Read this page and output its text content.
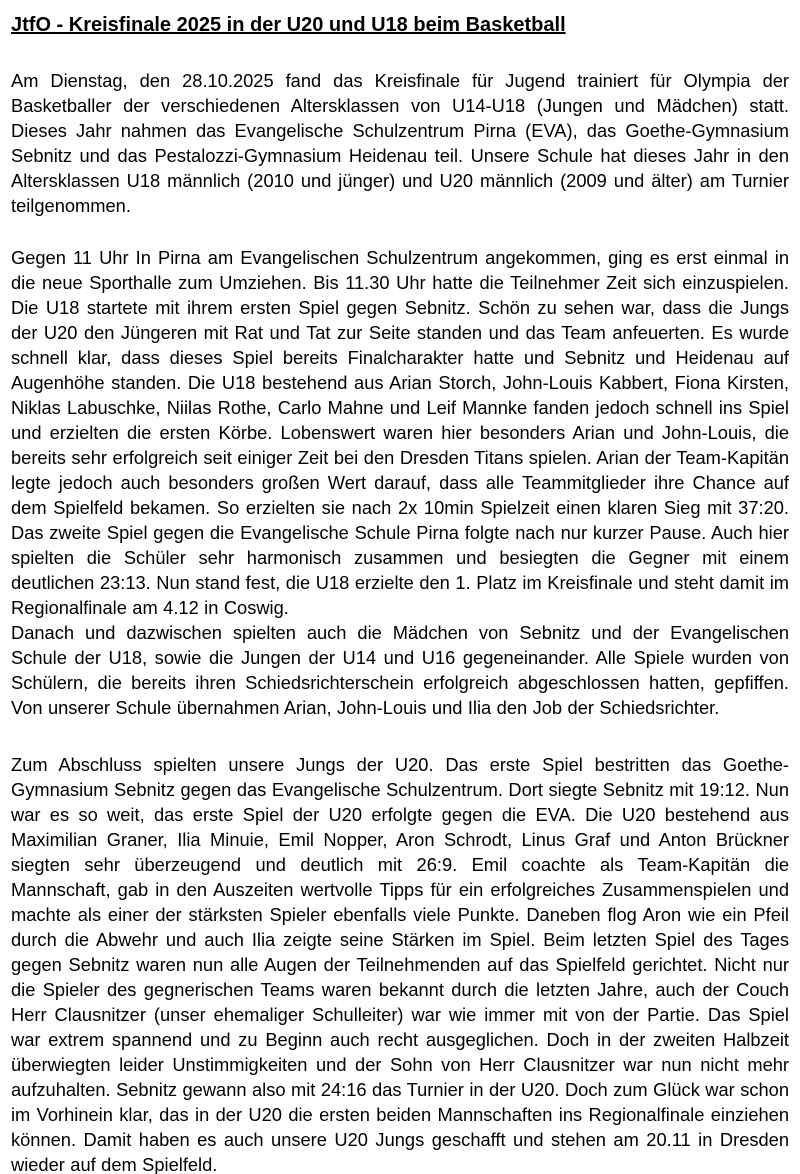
JtfO - Kreisfinale 2025 in der U20 und U18 beim Basketball

Am Dienstag, den 28.10.2025 fand das Kreisfinale für Jugend trainiert für Olympia der Basketballer der verschiedenen Altersklassen von U14-U18 (Jungen und Mädchen) statt. Dieses Jahr nahmen das Evangelische Schulzentrum Pirna (EVA), das Goethe-Gymnasium Sebnitz und das Pestalozzi-Gymnasium Heidenau teil. Unsere Schule hat dieses Jahr in den Altersklassen U18 männlich (2010 und jünger) und U20 männlich (2009 und älter) am Turnier teilgenommen.

Gegen 11 Uhr In Pirna am Evangelischen Schulzentrum angekommen, ging es erst einmal in die neue Sporthalle zum Umziehen. Bis 11.30 Uhr hatte die Teilnehmer Zeit sich einzuspielen. Die U18 startete mit ihrem ersten Spiel gegen Sebnitz. Schön zu sehen war, dass die Jungs der U20 den Jüngeren mit Rat und Tat zur Seite standen und das Team anfeuerten. Es wurde schnell klar, dass dieses Spiel bereits Finalcharakter hatte und Sebnitz und Heidenau auf Augenhöhe standen. Die U18 bestehend aus Arian Storch, John-Louis Kabbert, Fiona Kirsten, Niklas Labuschke, Niilas Rothe, Carlo Mahne und Leif Mannke fanden jedoch schnell ins Spiel und erzielten die ersten Körbe. Lobenswert waren hier besonders Arian und John-Louis, die bereits sehr erfolgreich seit einiger Zeit bei den Dresden Titans spielen. Arian der Team-Kapitän legte jedoch auch besonders großen Wert darauf, dass alle Teammitglieder ihre Chance auf dem Spielfeld bekamen. So erzielten sie nach 2x 10min Spielzeit einen klaren Sieg mit 37:20. Das zweite Spiel gegen die Evangelische Schule Pirna folgte nach nur kurzer Pause. Auch hier spielten die Schüler sehr harmonisch zusammen und besiegten die Gegner mit einem deutlichen 23:13. Nun stand fest, die U18 erzielte den 1. Platz im Kreisfinale und steht damit im Regionalfinale am 4.12 in Coswig.

Danach und dazwischen spielten auch die Mädchen von Sebnitz und der Evangelischen Schule der U18, sowie die Jungen der U14 und U16 gegeneinander. Alle Spiele wurden von Schülern, die bereits ihren Schiedsrichterschein erfolgreich abgeschlossen hatten, gepfiffen. Von unserer Schule übernahmen Arian, John-Louis und Ilia den Job der Schiedsrichter.

Zum Abschluss spielten unsere Jungs der U20. Das erste Spiel bestritten das Goethe-Gymnasium Sebnitz gegen das Evangelische Schulzentrum. Dort siegte Sebnitz mit 19:12. Nun war es so weit, das erste Spiel der U20 erfolgte gegen die EVA. Die U20 bestehend aus Maximilian Graner, Ilia Minuie, Emil Nopper, Aron Schrodt, Linus Graf und Anton Brückner siegten sehr überzeugend und deutlich mit 26:9. Emil coachte als Team-Kapitän die Mannschaft, gab in den Auszeiten wertvolle Tipps für ein erfolgreiches Zusammenspielen und machte als einer der stärksten Spieler ebenfalls viele Punkte. Daneben flog Aron wie ein Pfeil durch die Abwehr und auch Ilia zeigte seine Stärken im Spiel. Beim letzten Spiel des Tages gegen Sebnitz waren nun alle Augen der Teilnehmenden auf das Spielfeld gerichtet. Nicht nur die Spieler des gegnerischen Teams waren bekannt durch die letzten Jahre, auch der Couch Herr Clausnitzer (unser ehemaliger Schulleiter) war wie immer mit von der Partie. Das Spiel war extrem spannend und zu Beginn auch recht ausgeglichen. Doch in der zweiten Halbzeit überwiegten leider Unstimmigkeiten und der Sohn von Herr Clausnitzer war nun nicht mehr aufzuhalten. Sebnitz gewann also mit 24:16 das Turnier in der U20. Doch zum Glück war schon im Vorhinein klar, das in der U20 die ersten beiden Mannschaften ins Regionalfinale einziehen können. Damit haben es auch unsere U20 Jungs geschafft und stehen am 20.11 in Dresden wieder auf dem Spielfeld.
